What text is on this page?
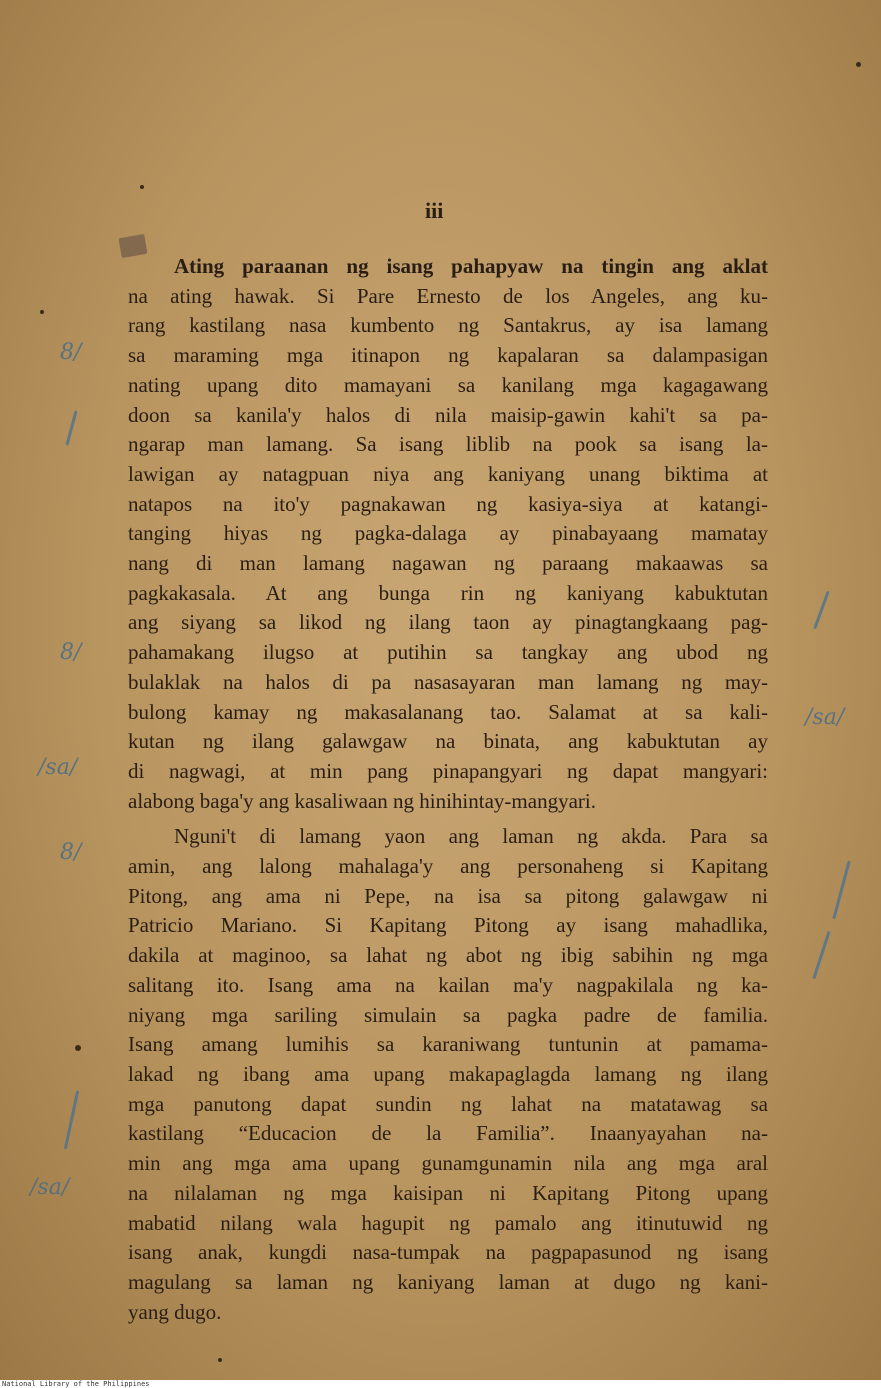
iii
Ating paraanan ng isang pahapyaw na tingin ang aklat
na ating hawak. Si Pare Ernesto de los Angeles, ang ku-
rang kastilang nasa kumbento ng Santakrus, ay isa lamang
sa maraming mga itinapon ng kapalaran sa dalampasigan
nating upang dito mamayani sa kanilang mga kagagawang
doon sa kanila'y halos di nila maisip-gawin kahi't sa pa-
ngarap man lamang. Sa isang liblib na pook sa isang la-
lawigan ay natagpuan niya ang kaniyang unang biktima at
natapos na ito'y pagnakawan ng kasiya-siya at katangi-
tanging hiyas ng pagka-dalaga ay pinabayaang mamatay
nang di man lamang nagawan ng paraang makaawas sa
pagkakasala. At ang bunga rin ng kaniyang kabuktutan
ang siyang sa likod ng ilang taon ay pinagtangkaang pag-
pahamakang ilugso at putihin sa tangkay ang ubod ng
bulaklak na halos di pa nasasayaran man lamang ng may-
bulong kamay ng makasalanang tao. Salamat at sa kali-
kutan ng ilang galawgaw na binata, ang kabuktutan ay
di nagwagi, at min pang pinapangyari ng dapat mangyari:
alabong baga'y ang kasaliwaan ng hinihintay-mangyari.
Nguni't di lamang yaon ang laman ng akda. Para sa
amin, ang lalong mahalaga'y ang personaheng si Kapitang
Pitong, ang ama ni Pepe, na isa sa pitong galawgaw ni
Patricio Mariano. Si Kapitang Pitong ay isang mahadlika,
dakila at maginoo, sa lahat ng abot ng ibig sabihin ng mga
salitang ito. Isang ama na kailan ma'y nagpakilala ng ka-
niyang mga sariling simulain sa pagka padre de familia.
Isang amang lumihis sa karaniwang tuntunin at pamama-
lakad ng ibang ama upang makapaglagda lamang ng ilang
mga panutong dapat sundin ng lahat na matatawag sa
kastilang “Educacion de la Familia”. Inaanyayahan na-
min ang mga ama upang gunamgunamin nila ang mga aral
na nilalaman ng mga kaisipan ni Kapitang Pitong upang
mabatid nilang wala hagupit ng pamalo ang itinutuwid ng
isang anak, kungdi nasa-tumpak na pagpapasunod ng isang
magulang sa laman ng kaniyang laman at dugo ng kani-
yang dugo.
8/
8/
8/
/sa/
/sa/
/sa/
National Library of the Philippines
